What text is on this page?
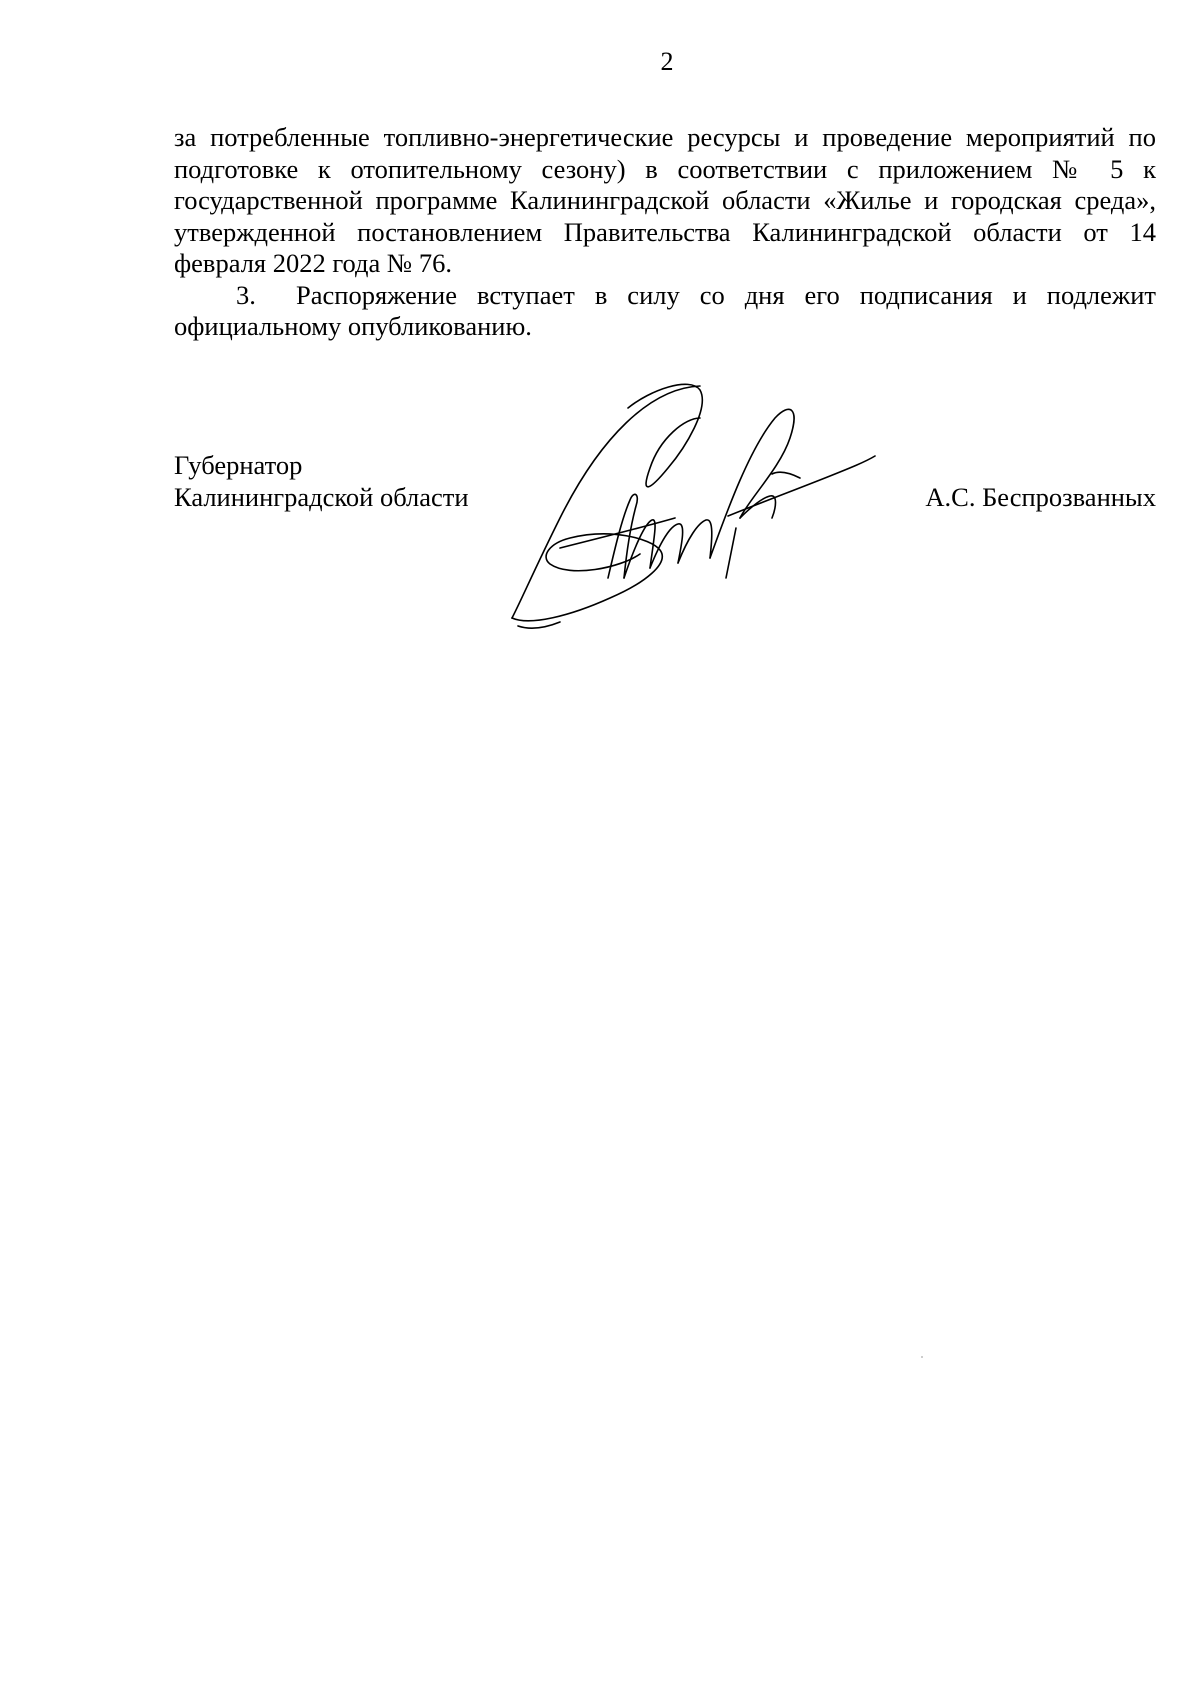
2

за потребленные топливно-энергетические ресурсы и проведение мероприятий по подготовке к отопительному сезону) в соответствии с приложением № 5 к государственной программе Калининградской области «Жилье и городская среда», утвержденной постановлением Правительства Калининградской области от 14 февраля 2022 года № 76.

3. Распоряжение вступает в силу со дня его подписания и подлежит официальному опубликованию.

Губернатор
Калининградской области	А.С. Беспрозванных
